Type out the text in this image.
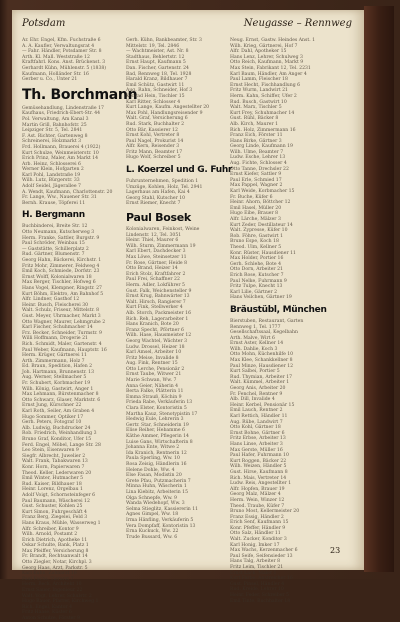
Potsdam	Neugasse – Rennweg
Ar. Ehr. Engel, Kfm. Fuchstraße 6
A. A. Kaufler, Verwaltungsrat 4
— Fahr. Händler, Potsdamer Str. 8
Arth. Kl. Mall. Weststraße 12
Kraftfahrl. Kons. Anst. Brückenst. 3
Gerhardt Kühn, Mühlenstr. 5 (1838)
Kaufmann, Holländer Str. 16
Gerber u. Co., Unter 21
Th. Borchmann
Gemüsehandlung, Lindenstraße 17
Kaufhaus, Friedrich-Ebert-Str. 44
Pol. Verwaltung, Am Kanal 3
Martin Grill, Bahnhofstr. 25
Leipziger Str. 5, Tel. 2841
F. Ast. Richter, Gartenweg 8
Schreinerei, Holzmarkt 3
Frd. Hollmann, Brauerei 4 (1922)
Kurt Schulze, Weinmeisterstr. 10
Erich Prinz, Maler, Am Markt 14
Arb. Heinz, Schlosserei 6
Werner Klein, Hofgarten 2
Karl Pohl, Landstraße 19
Wilh. Lutz, Bürgerstr. 33
Adolf Seidel, Jägerallee 7
A. Wendt, Kaufmann, Charlottenstr. 20
Fr. Lange, Ww., Nauener Str. 31
Bernh. Krause, Töpferei 11
H. Bergmann
Buchbinderei, Breite Str. 12
Otto Neumann, Kutscherweg 3
Herm. Franke, Sattler, Burgstr. 9
Paul Schröder, Weinbau 15
— Gaststätte, Schillerplatz 2
Rud. Gärtner, Blumenstr. 7
Georg Hahn, Bäckerei, Kirchstr. 1
Fritz Mohr, Zimmerer, Feldweg 4
Emil Koch, Schmiede, Dorfstr. 23
Ernst Wolff, Kolonialwaren 18
Max Berger, Tischler, Hofweg 6
Hans Vogel, Klempner, Ringstr. 27
Kurt Böhm, Elektro, Am Bahnhof 5
Alfr. Lindner, Gasthof 12
Heinr. Busch, Fleischerei 30
Walt. Schulz, Friseur, Mittelstr. 8
Gust. Meyer, Uhrmacher, Markt 3
Otto Wagner, Maurer, Lehmgrube 2
Karl Fischer, Schuhmacher 14
Frz. Becker, Schneider, Turmstr. 9
Willi Hoffmann, Drogerie 21
Rich. Schmidt, Maler, Gartenstr. 4
Paul Weber, Kaufmann, Hauptstr. 16
Herm. Krüger, Gärtnerei 11
Arth. Zimmermann, Holz 7
Ed. Braun, Spedition, Hafen 2
Joh. Hartmann, Brunnenstr. 13
Aug. Werner, Stellmacher 5
Fr. Schubert, Korbmacher 19
Wilh. König, Gastwirt, Anger 1
Max Lehmann, Bürstenmacher 8
Otto Schwarz, Glaser, Marktstr. 6
Ernst Jung, Kürschner 22
Karl Roth, Seiler, Am Graben 4
Hugo Sommer, Optiker 17
Gerh. Peters, Fotograf 10
Alb. Ludwig, Buchdrucker 24
Rob. Friedrich, Weinhandlung 3
Bruno Graf, Konditor, Ufer 15
Ferd. Engel, Möbel, Lange Str. 28
Leo Stein, Eisenwaren 9
Siegfr. Albrecht, Juwelier 2
Walt. Frank, Tabakwaren 13
Konr. Horn, Papierwaren 7
Theod. Keller, Lederwaren 20
Emil Winter, Hutmacher 5
Rud. Kaiser, Bildhauer 18
Heinr. Lorenz, Orgelbau 1
Adolf Voigt, Schornsteinfeger 6
Paul Baumann, Wäscherei 12
Gust. Schuster, Kohlen 25
Kurt Simon, Fuhrgeschäft 4
Franz Berg, Ziegelei, Feld 3
Hans Kraus, Mühle, Wasserweg 1
Alfr. Schreiber, Kontor 9
Wilh. Arnold, Postamt 2
Erich Dietrich, Apotheke 11
Oskar Schulte, Bank, Platz 1
Max Pfeiffer, Versicherung 8
Fr. Brandt, Rechtsanwalt 14
Otto Ziegler, Notar, Kirchpl. 3
Georg Haas, Arzt, Parkstr. 5
Karl Kuhn, Zahnarzt 16
Paul Fuchs, Tierarzt 7
Herm. Beck, Architekt 10
Ernst Sauer, Ingenieur 22
Walt. Vogt, Lehrer, Schulstr. 2
Hugo Bauer, Pfarrer, Kirchweg 1
Rich. Engel, Kantor 4
Fritz Haase, Küster 6
Anton Schulze, Förster 9
Gerh. Kühn, Bankbeamter, Str. 3
Mittelstr. 19, Tel. 2846
— Wachtmeister, Ast. Nr. 8
Stadthaus, Behlertstr. 12
Ernst Haupt, Kaufmann 5
Dan. Fischer, Gartenstr. 24
Bad, Rennweg 18, Tel. 1928
Harald Kranz, Bildhauer 7
Emil Schütz, Gastwirt 11
Aug. Rahn, Schneider, Hof 3
Konrad Hein, Tischler 15
Karl Ritter, Schlosser 4
Kurt Lange, Kaufm. Angestellter 20
Max Pohl, Handlungsreisender 9
Walt. Graf, Versicherung 6
Rud. Stark, Buchhalter 2
Otto Bär, Kassierer 12
Ernst Kohl, Vertreter 8
Paul Nagel, Prokurist 14
Alfr. Kern, Reisender 3
Fritz Mann, Beamter 17
Hugo Wolf, Schreiber 5
L. Koerzel und G. Fuhr
Fuhrunternehmen, Spedition 1
Umzüge, Kohlen, Holz, Tel. 2941
Lagerhaus am Hafen, Kai 4
Georg Stahl, Kutscher 10
Ernst Riemer, Knecht 7
Paul Bosek
Kolonialwaren, Feinkost, Weine
Lindenstr. 12, Tel. 3051
Heinr. Thiel, Maurer 6
Wilh. Sturm, Zimmermann 19
Karl Ebert, Dachdecker 3
Max Löwe, Steinsetzer 11
Fr. Rose, Gärtner, Heide 8
Otto Brand, Heizer 14
Erich Stolz, Kraftfahrer 2
Paul Frei, Schaffner 22
Herm. Adler, Lokführer 5
Gust. Falk, Weichensteller 9
Ernst Krug, Bahnwärter 13
Walt. Hirsch, Rangierer 7
Kurt Fink, Stellwerker 4
Alb. Storch, Packmeister 16
Rich. Reh, Lagerarbeiter 1
Hans Kranich, Bote 20
Franz Specht, Pförtner 6
Wilh. Hase, Hausmeister 12
Georg Wachtel, Wächter 3
Ludw. Drossel, Heizer 18
Karl Amsel, Arbeiter 10
Fritz Meise, Invalide 8
Aug. Fink, Rentner 15
Otto Lerche, Pensionär 2
Ernst Taube, Witwer 21
Marie Schwan, Ww. 7
Anna Geier, Näherin 4
Berta Falke, Plätterin 11
Emma Strauß, Köchin 9
Frieda Rabe, Verkäuferin 13
Clara Elster, Kontoristin 5
Martha Kauz, Stenotypistin 17
Hedwig Eule, Lehrerin 3
Gertr. Star, Schneiderin 19
Elise Reiher, Hebamme 6
Käthe Ammer, Pflegerin 14
Luise Gans, Wirtschafterin 8
Johanna Ente, Witwe 2
Ida Kranich, Rentnerin 12
Paula Sperling, Ww. 10
Rosa Zeisig, Händlerin 16
Helene Dohle, Ww. 4
Else Fasan, Modistin 20
Grete Pfau, Putzmacherin 7
Minna Huhn, Wäscherin 1
Lina Kiebitz, Arbeiterin 15
Olga Schnepfe, Ww. 9
Wanda Wiedehopf, Ww. 3
Selma Stieglitz, Kassiererin 11
Agnes Gimpel, Ww. 18
Irma Hänfling, Verkäuferin 5
Vera Dompfaff, Kontoristin 13
Erna Kuckuck, Ww. 22
Trude Bussard, Ww. 6
Neug. Ernst, Gastw. Heindes Anst. 1
Wilh. Krieg, Gärtnerei, Hof 7
Alfr. Dahl, Apotheker 15
Hans Lenz, Lehrer, Schulweg 3
Otto Reich, Kaufmann, Markt 9
Max Stein, Fabrikant 12, Tel. 2231
Karl Baum, Händler, Am Anger 4
Paul Lamm, Fleischer 18
Ernst Hecht, Fischhandlung 6
Fritz Wurm, Landwirt 21
Herm. Kahn, Schiffer, Ufer 2
Rud. Busch, Gastwirt 10
Walt. Marx, Tischler 5
Kurt Frey, Schuhmacher 14
Gust. Rühl, Bäcker 8
Alb. Kirch, Maurer 1
Rich. Holz, Zimmermann 16
Franz Eich, Förster 11
Hans Birke, Gärtner 3
Georg Linde, Kaufmann 19
Wilh. Ulme, Beamter 7
Ludw. Esche, Lehrer 13
Aug. Fichte, Schlosser 4
Otto Tanne, Drechsler 22
Ernst Kiefer, Sattler 9
Paul Erle, Schmied 17
Max Pappel, Wagner 2
Karl Weide, Korbmacher 15
Fr. Buche, Küfer 6
Heinr. Ahorn, Böttcher 12
Emil Hasel, Müller 20
Hugo Eibe, Brauer 8
Alfr. Lärche, Mälzer 3
Kurt Zeder, Destillateur 14
Walt. Zypresse, Küfer 10
Rob. Föhre, Gastwirt 1
Bruno Espe, Koch 18
Theod. Ulm, Kellner 5
Konr. Rüster, Hausdiener 11
Max Holder, Portier 16
Gerh. Schlehe, Bote 4
Otto Dorn, Arbeiter 21
Erich Rose, Kutscher 7
Paul Nelke, Fuhrmann 9
Fritz Tulpe, Knecht 13
Karl Lilie, Gärtner 2
Hans Veilchen, Gärtner 19
Bräustübl, München
Bierstuben, Restaurant, Garten
Rennweg 1, Tel. 1777
Gesellschaftssaal, Kegelbahn
Arth. Malve, Wirt 6
Ernst Aster, Kellner 14
Wilh. Dahlie, Koch 3
Otto Mohn, Küchenhilfe 10
Max Klee, Schankkellner 8
Paul Minze, Hausdiener 12
Kurt Salbei, Portier 5
Rud. Thymian, Arbeiter 17
Walt. Kümmel, Arbeiter 1
Georg Anis, Arbeiter 20
Fr. Fenchel, Rentner 9
Alb. Dill, Invalide 4
Heinr. Kerbel, Pensionär 15
Emil Lauch, Rentner 2
Karl Rettich, Händler 11
Aug. Rübe, Landwirt 7
Otto Kohl, Gärtner 18
Ernst Bohne, Gärtner 6
Fritz Erbse, Arbeiter 13
Hans Linse, Arbeiter 3
Max Gerste, Müller 16
Paul Hafer, Fuhrmann 10
Kurt Roggen, Bäcker 22
Wilh. Weizen, Händler 5
Gust. Hirse, Kaufmann 8
Rich. Mais, Vertreter 14
Ludw. Reis, Angestellter 1
Alfr. Hopfen, Brauer 19
Georg Malz, Mälzer 4
Herm. Wein, Winzer 12
Theod. Traube, Küfer 7
Bruno Most, Kellermeister 20
Franz Essig, Händler 2
Erich Senf, Kaufmann 15
Konr. Pfeffer, Händler 9
Otto Salz, Händler 11
Walt. Zucker, Konditor 3
Karl Honig, Imker 17
Max Wachs, Kerzenmacher 6
Paul Seife, Seifensieder 13
Hans Talg, Arbeiter 8
Fritz Leim, Tischler 21
Ernst Lack, Maler 1
Kurt Farbe, Anstreicher 16
Gust. Pinsel, Händler 4
Rud. Kreide, Lehrer 10
Heinr. Feder, Schreiber 5
Emil Tinte, Buchhalter 18
23
